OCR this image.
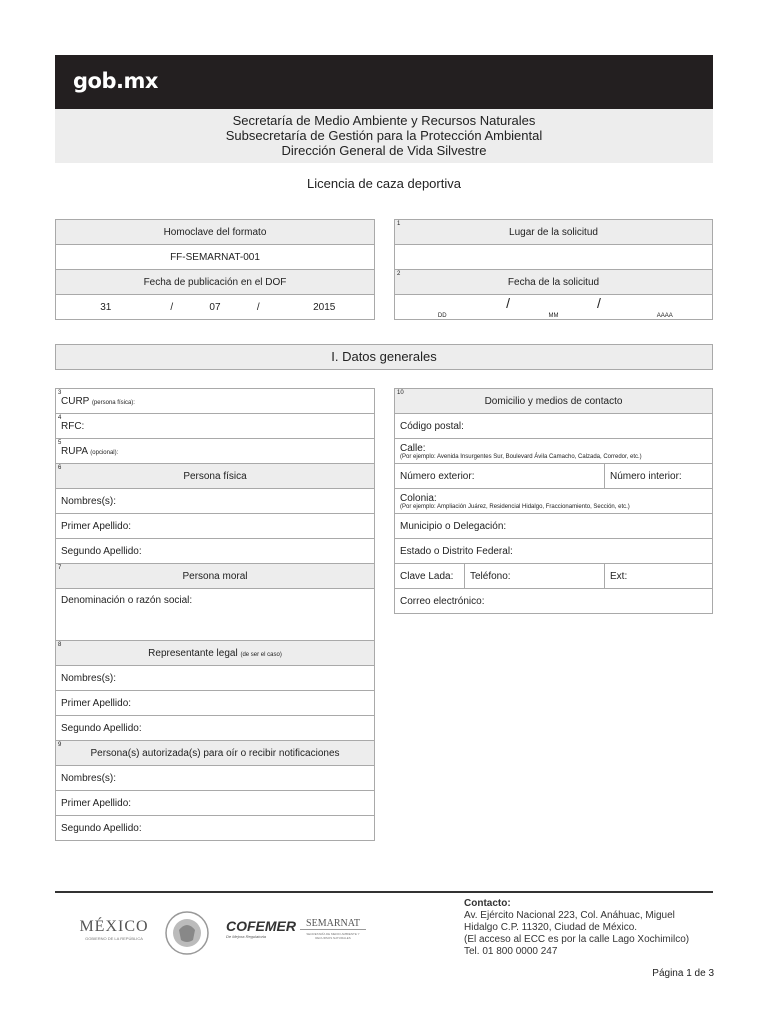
gob.mx
Secretaría de Medio Ambiente y Recursos Naturales
Subsecretaría de Gestión para la Protección Ambiental
Dirección General de Vida Silvestre
Licencia de caza deportiva
Homoclave del formato
FF-SEMARNAT-001
Fecha de publicación en el DOF
31	/	07	/	2015
1
Lugar de la solicitud

2
Fecha de la solicitud
DD	/	MM	/	AAAA
I. Datos generales
3
CURP (persona física):

4
RFC:

5
RUPA (opcional):

6
Persona física
Nombres(s):
Primer Apellido:
Segundo Apellido:

7
Persona moral
Denominación o razón social:

8
Representante legal (de ser el caso)
Nombres(s):
Primer Apellido:
Segundo Apellido:

9
Persona(s) autorizada(s) para oír o recibir notificaciones
Nombres(s):
Primer Apellido:
Segundo Apellido:
10
Domicilio y medios de contacto		
Código postal:		

Calle:
(Por ejemplo: Avenida Insurgentes Sur, Boulevard Ávila Camacho, Calzada, Corredor, etc.)		

Número exterior:		Número interior:

Colonia:
(Por ejemplo: Ampliación Juárez, Residencial Hidalgo, Fraccionamiento, Sección, etc.)		

Municipio o Delegación:		
Estado o Distrito Federal:		
Clave Lada:	Teléfono:	Ext:
Correo electrónico:		
MÉXICO
GOBIERNO DE LA REPÚBLICA
COFEMER
De Mejora Regulatoria
SEMARNAT
SECRETARÍA DE MEDIO AMBIENTE Y RECURSOS NATURALES
Contacto:
Av. Ejército Nacional 223, Col. Anáhuac, Miguel
Hidalgo C.P. 11320, Ciudad de México.
(El acceso al ECC es por la calle Lago Xochimilco)
Tel. 01 800 0000 247
Página 1 de 3
